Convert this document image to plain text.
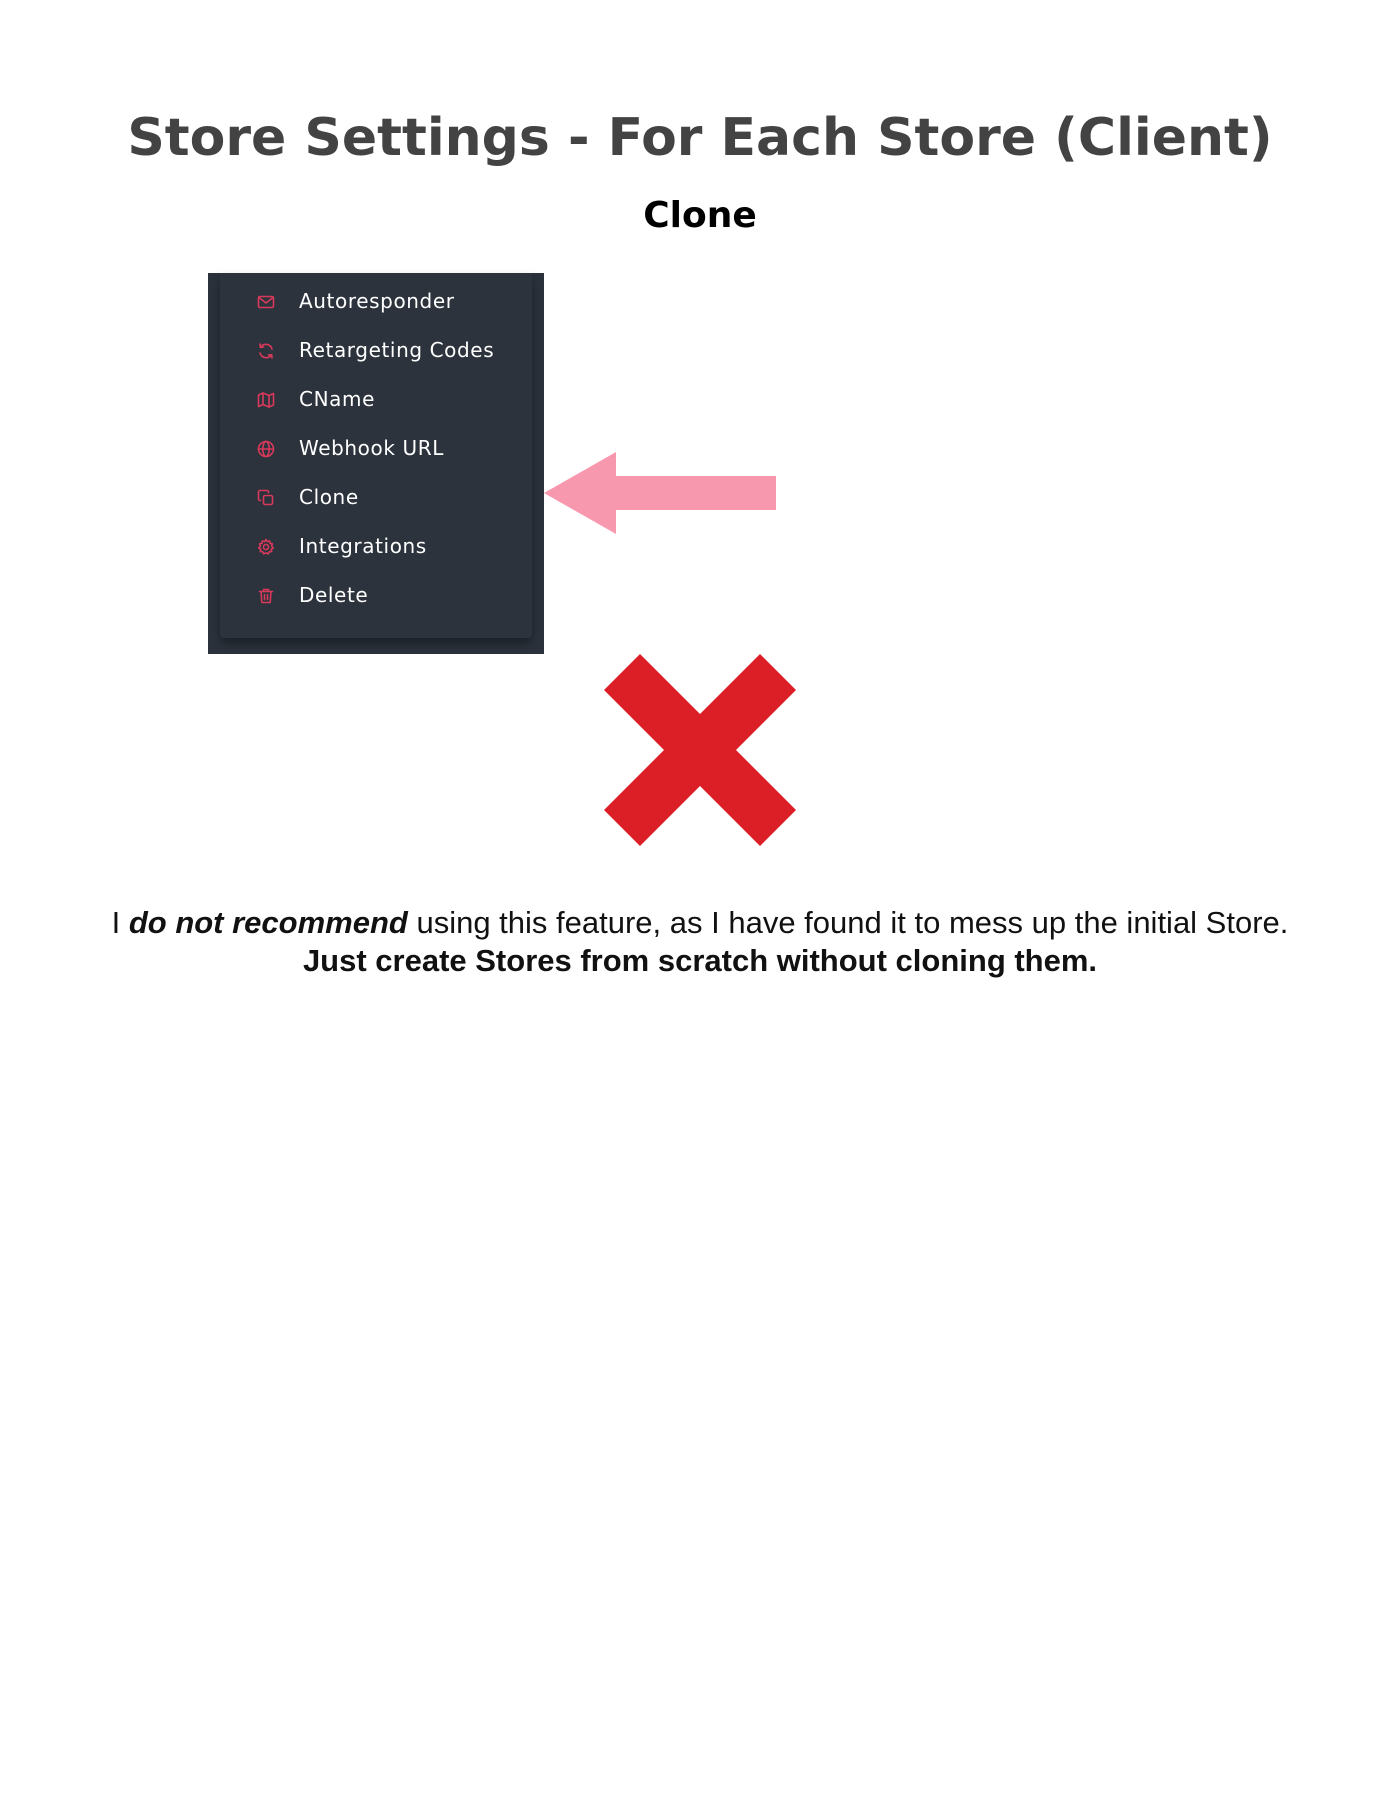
Store Settings - For Each Store (Client)
Clone
Autoresponder
Retargeting Codes
CName
Webhook URL
Clone
Integrations
Delete

I do not recommend using this feature, as I have found it to mess up the initial Store. Just create Stores from scratch without cloning them.
